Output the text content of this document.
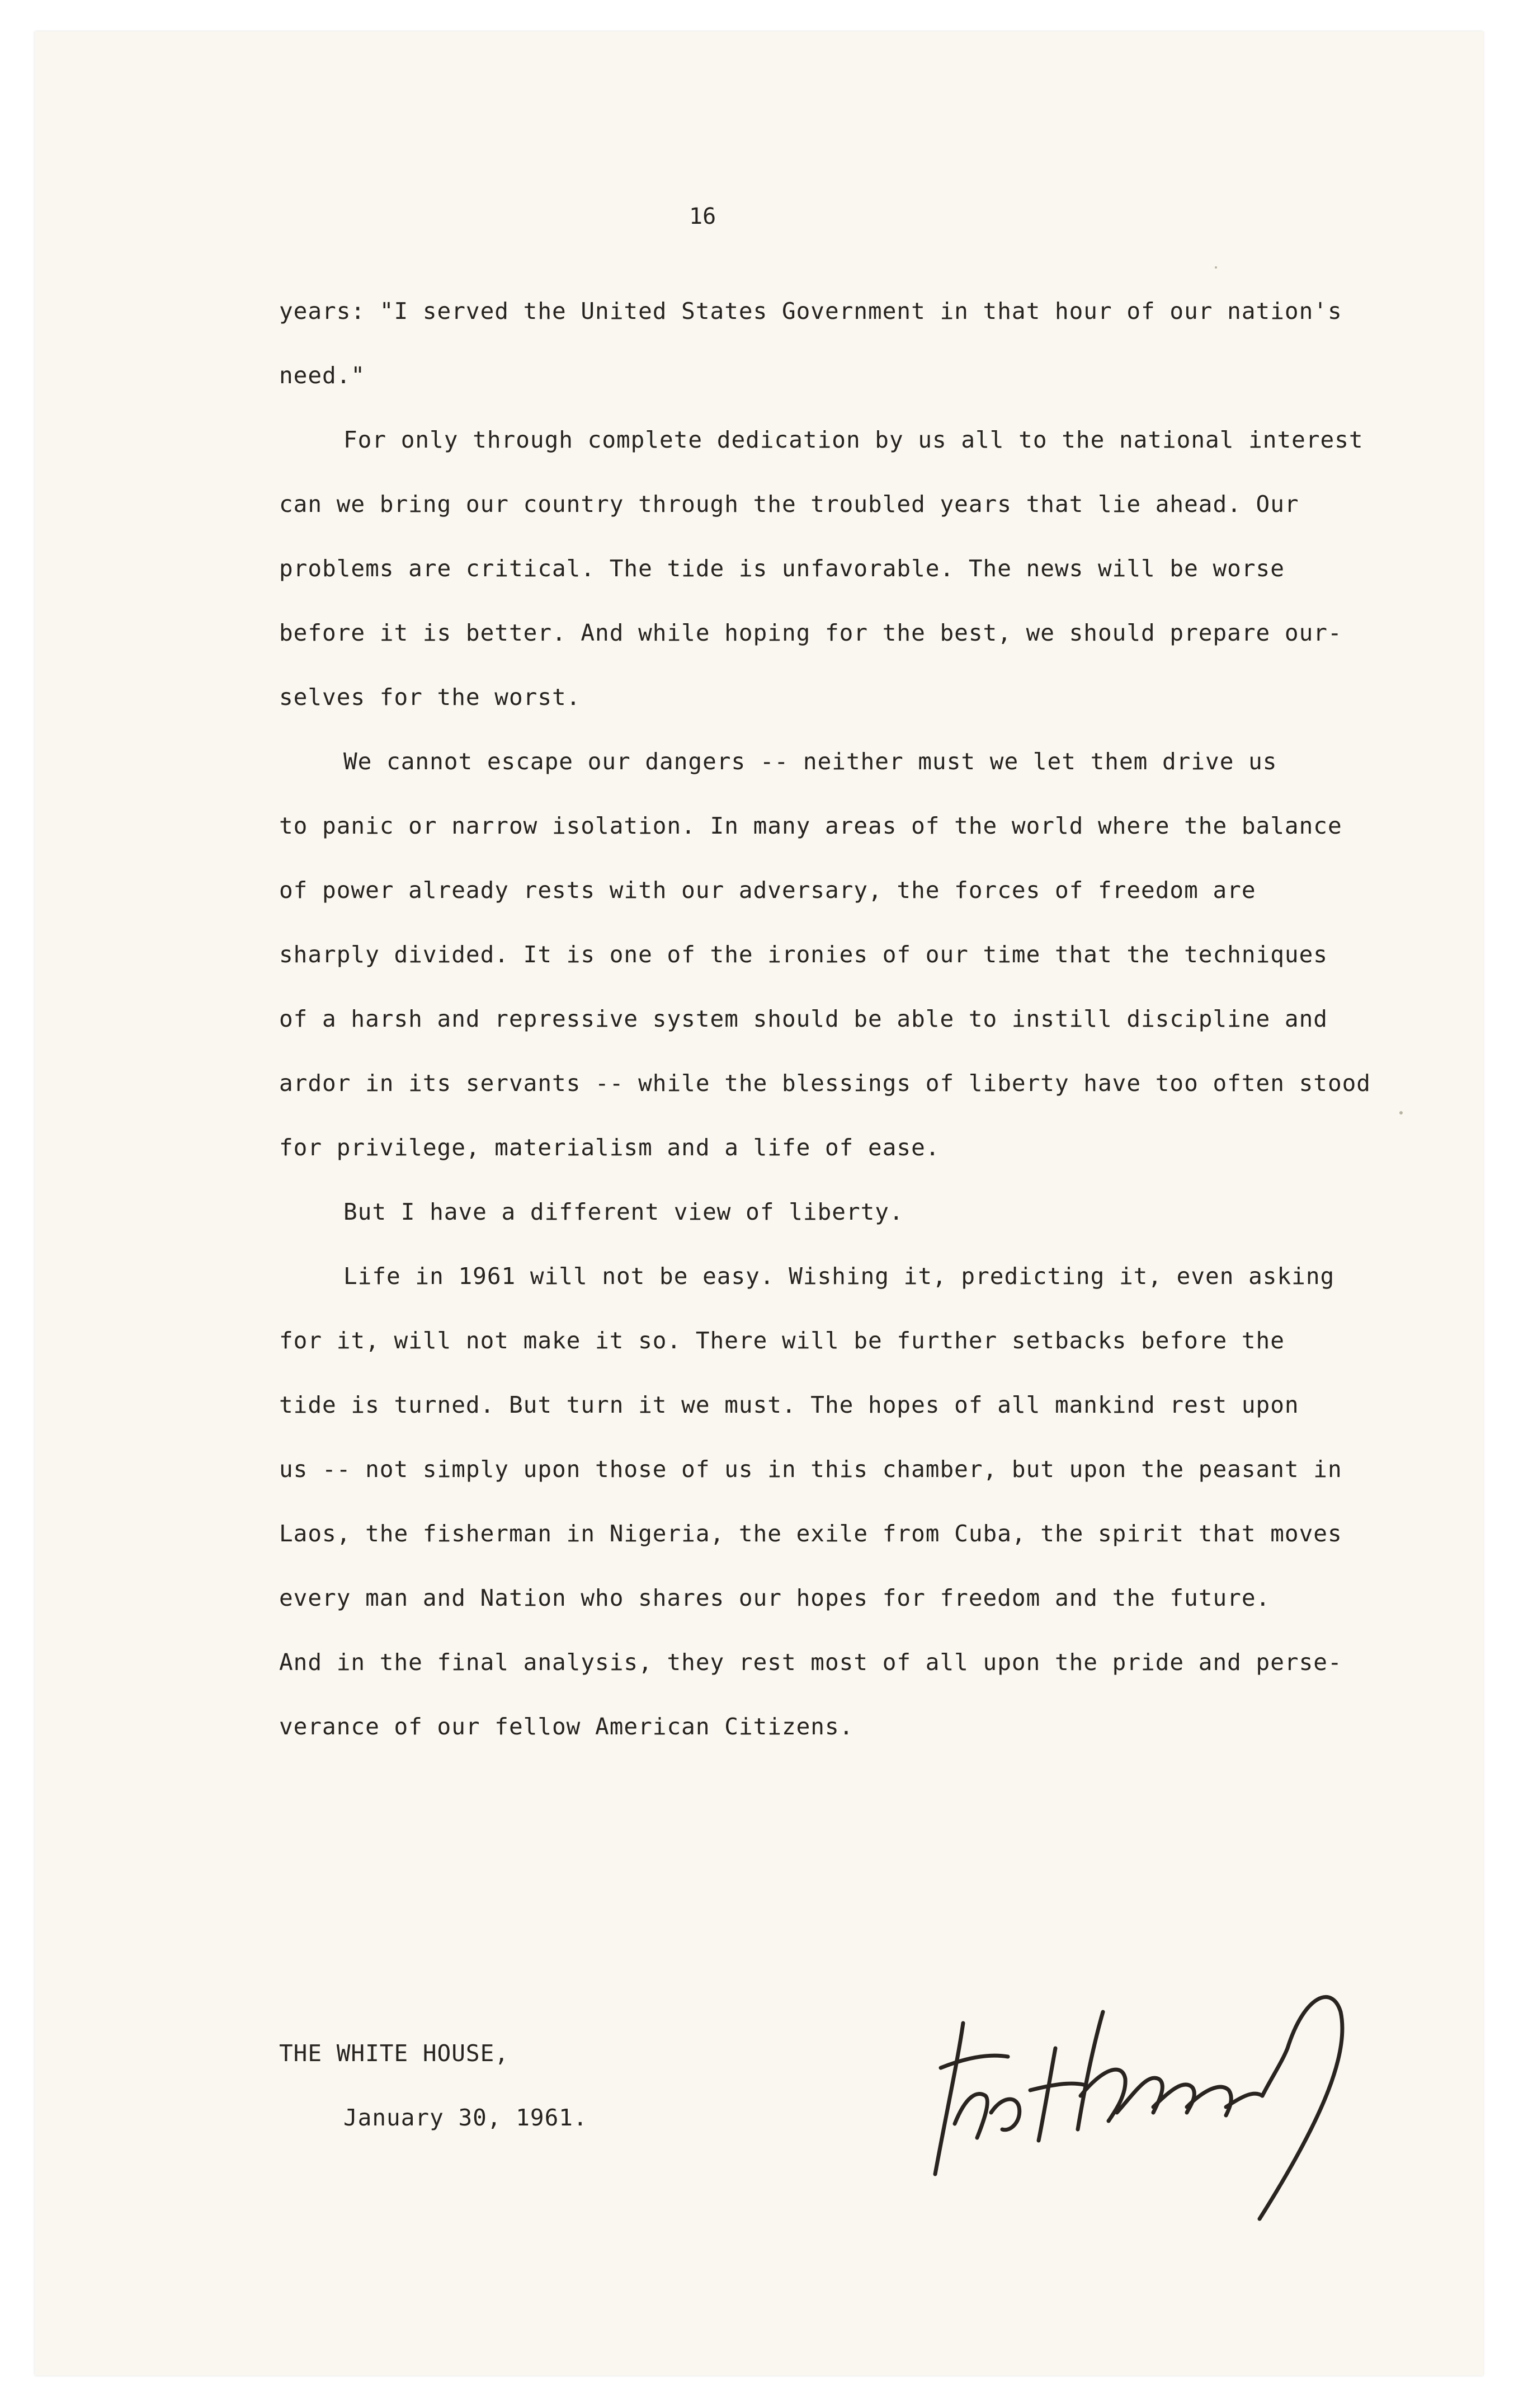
16
years: "I served the United States Government in that hour of our nation's
need."
For only through complete dedication by us all to the national interest
can we bring our country through the troubled years that lie ahead. Our
problems are critical. The tide is unfavorable. The news will be worse
before it is better. And while hoping for the best, we should prepare our-
selves for the worst.
We cannot escape our dangers -- neither must we let them drive us
to panic or narrow isolation. In many areas of the world where the balance
of power already rests with our adversary, the forces of freedom are
sharply divided. It is one of the ironies of our time that the techniques
of a harsh and repressive system should be able to instill discipline and
ardor in its servants -- while the blessings of liberty have too often stood
for privilege, materialism and a life of ease.
But I have a different view of liberty.
Life in 1961 will not be easy. Wishing it, predicting it, even asking
for it, will not make it so. There will be further setbacks before the
tide is turned. But turn it we must. The hopes of all mankind rest upon
us -- not simply upon those of us in this chamber, but upon the peasant in
Laos, the fisherman in Nigeria, the exile from Cuba, the spirit that moves
every man and Nation who shares our hopes for freedom and the future.
And in the final analysis, they rest most of all upon the pride and perse-
verance of our fellow American Citizens.
THE WHITE HOUSE,
January 30, 1961.
